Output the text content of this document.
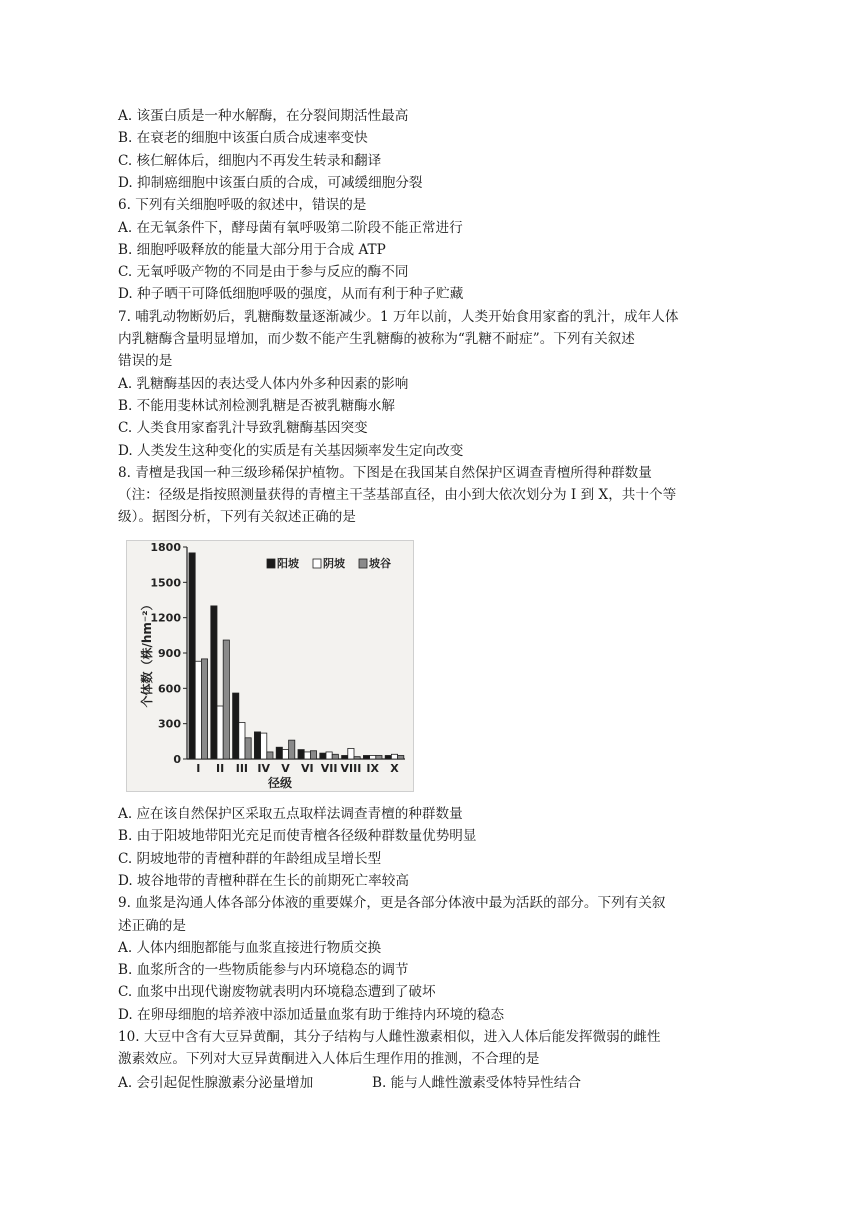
A. 该蛋白质是一种水解酶，在分裂间期活性最高
B. 在衰老的细胞中该蛋白质合成速率变快
C. 核仁解体后，细胞内不再发生转录和翻译
D. 抑制癌细胞中该蛋白质的合成，可减缓细胞分裂
6. 下列有关细胞呼吸的叙述中，错误的是
A. 在无氧条件下，酵母菌有氧呼吸第二阶段不能正常进行
B. 细胞呼吸释放的能量大部分用于合成 ATP
C. 无氧呼吸产物的不同是由于参与反应的酶不同
D. 种子晒干可降低细胞呼吸的强度，从而有利于种子贮藏
7. 哺乳动物断奶后，乳糖酶数量逐渐减少。1 万年以前，人类开始食用家畜的乳汁，成年人体
内乳糖酶含量明显增加，而少数不能产生乳糖酶的被称为“乳糖不耐症”。下列有关叙述
错误的是
A. 乳糖酶基因的表达受人体内外多种因素的影响
B. 不能用斐林试剂检测乳糖是否被乳糖酶水解
C. 人类食用家畜乳汁导致乳糖酶基因突变
D. 人类发生这种变化的实质是有关基因频率发生定向改变
8. 青檀是我国一种三级珍稀保护植物。下图是在我国某自然保护区调查青檀所得种群数量
（注：径级是指按照测量获得的青檀主干茎基部直径，由小到大依次划分为 I 到 X，共十个等
级）。据图分析，下列有关叙述正确的是
0
300
600
900
1200
1500
1800
个体数（株/hm⁻²）
I II III IV V VI VII VIII IX X
径级
阳坡 阴坡 坡谷
A. 应在该自然保护区采取五点取样法调查青檀的种群数量
B. 由于阳坡地带阳光充足而使青檀各径级种群数量优势明显
C. 阴坡地带的青檀种群的年龄组成呈增长型
D. 坡谷地带的青檀种群在生长的前期死亡率较高
9. 血浆是沟通人体各部分体液的重要媒介，更是各部分体液中最为活跃的部分。下列有关叙
述正确的是
A. 人体内细胞都能与血浆直接进行物质交换
B. 血浆所含的一些物质能参与内环境稳态的调节
C. 血浆中出现代谢废物就表明内环境稳态遭到了破坏
D. 在卵母细胞的培养液中添加适量血浆有助于维持内环境的稳态
10. 大豆中含有大豆异黄酮，其分子结构与人雌性激素相似，进入人体后能发挥微弱的雌性
激素效应。下列对大豆异黄酮进入人体后生理作用的推测，不合理的是
A. 会引起促性腺激素分泌量增加	B. 能与人雌性激素受体特异性结合
